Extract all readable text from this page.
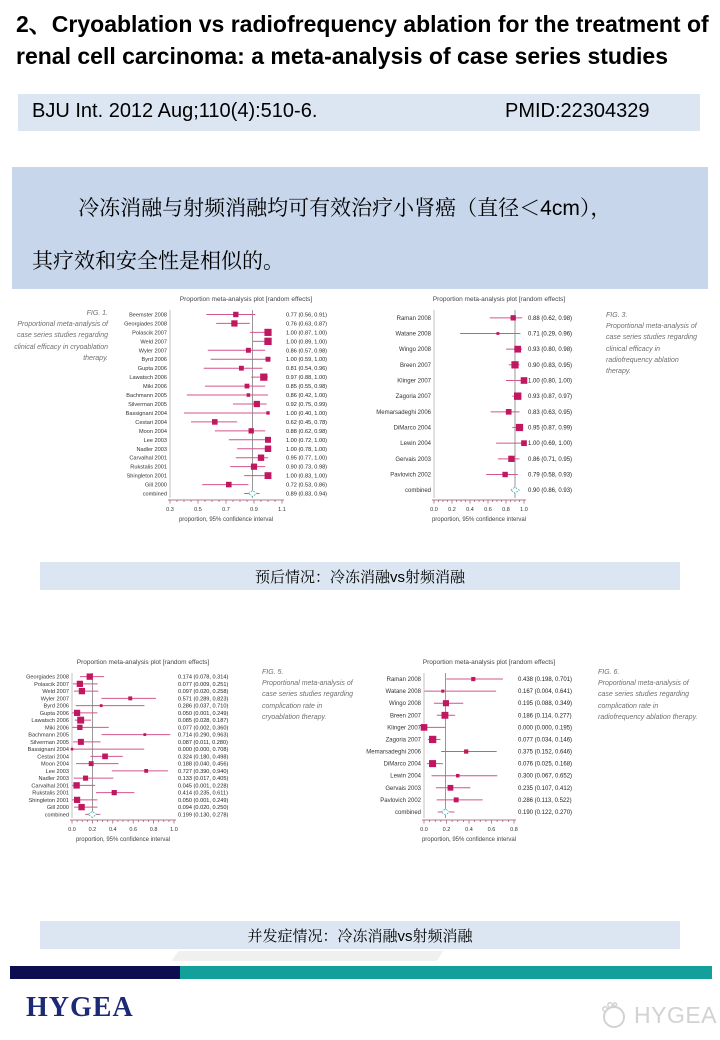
2、Cryoablation vs radiofrequency ablation for the treatment of renal cell carcinoma: a meta-analysis of case series studies
BJU Int. 2012 Aug;110(4):510-6.	PMID:22304329
冷冻消融与射频消融均可有效治疗小肾癌（直径＜4cm），
其疗效和安全性是相似的。
FIG. 1.
Proportional meta-analysis of case series studies regarding clinical efficacy in cryoablation therapy.
Proportion meta-analysis plot [random effects]
Beemster 2008	0.77 (0.56, 0.91)
Georgiades 2008	0.76 (0.63, 0.87)
Polascik 2007	1.00 (0.87, 1.00)
Weld 2007	1.00 (0.89, 1.00)
Wyler 2007	0.86 (0.57, 0.98)
Byrd 2006	1.00 (0.59, 1.00)
Gupta 2006	0.81 (0.54, 0.96)
Lawatsch 2006	0.97 (0.88, 1.00)
Miki 2006	0.85 (0.55, 0.98)
Bachmann 2005	0.86 (0.42, 1.00)
Silverman 2005	0.92 (0.75, 0.99)
Bassignani 2004	1.00 (0.40, 1.00)
Cestari 2004	0.62 (0.45, 0.78)
Moon 2004	0.88 (0.62, 0.98)
Lee 2003	1.00 (0.72, 1.00)
Nadler 2003	1.00 (0.78, 1.00)
Carvalhal 2001	0.95 (0.77, 1.00)
Rukstalis 2001	0.90 (0.73, 0.98)
Shingleton 2001	1.00 (0.83, 1.00)
Gill 2000	0.72 (0.53, 0.86)
combined	0.89 (0.83, 0.94)
0.3	0.5	0.7	0.9	1.1
proportion, 95% confidence interval
Proportion meta-analysis plot [random effects]
Raman 2008	0.88 (0.62, 0.98)
Watane 2008	0.71 (0.29, 0.96)
Wingo 2008	0.93 (0.80, 0.98)
Breen 2007	0.90 (0.83, 0.95)
Klinger 2007	1.00 (0.80, 1.00)
Zagoria 2007	0.93 (0.87, 0.97)
Memarsadeghi 2006	0.83 (0.63, 0.95)
DiMarco 2004	0.95 (0.87, 0.99)
Lewin 2004	1.00 (0.69, 1.00)
Gervais 2003	0.86 (0.71, 0.95)
Pavlovich 2002	0.79 (0.58, 0.93)
combined	0.90 (0.86, 0.93)
0.0 0.2 0.4 0.6 0.8 1.0
proportion, 95% confidence interval
FIG. 3.
Proportional meta-analysis of case series studies regarding clinical efficacy in radiofrequency ablation therapy.
预后情况：冷冻消融vs射频消融
Proportion meta-analysis plot [random effects]
Georgiades 2008	0.174 (0.078, 0.314)
Polascik 2007	0.077 (0.009, 0.251)
Weld 2007	0.097 (0.020, 0.258)
Wyler 2007	0.571 (0.289, 0.823)
Byrd 2006	0.286 (0.037, 0.710)
Gupta 2006	0.050 (0.001, 0.249)
Lawatsch 2006	0.085 (0.028, 0.187)
Miki 2006	0.077 (0.002, 0.360)
Bachmann 2005	0.714 (0.290, 0.963)
Silverman 2005	0.087 (0.011, 0.280)
Bassignani 2004	0.000 (0.000, 0.708)
Cestari 2004	0.324 (0.180, 0.498)
Moon 2004	0.188 (0.040, 0.456)
Lee 2003	0.727 (0.390, 0.940)
Nadler 2003	0.133 (0.017, 0.405)
Carvalhal 2001	0.045 (0.001, 0.228)
Rukstalis 2001	0.414 (0.235, 0.611)
Shingleton 2001	0.050 (0.001, 0.249)
Gill 2000	0.094 (0.020, 0.250)
combined	0.199 (0.130, 0.278)
0.0 0.2 0.4 0.6 0.8 1.0
proportion, 95% confidence interval
FIG. 5.
Proportional meta-analysis of case series studies regarding complication rate in cryoablation therapy.
Proportion meta-analysis plot [random effects]
Raman 2008	0.438 (0.198, 0.701)
Watane 2008	0.167 (0.004, 0.641)
Wingo 2008	0.195 (0.088, 0.349)
Breen 2007	0.186 (0.114, 0.277)
Klinger 2007	0.000 (0.000, 0.195)
Zagoria 2007	0.077 (0.034, 0.146)
Memarsadeghi 2006	0.375 (0.152, 0.646)
DiMarco 2004	0.076 (0.025, 0.168)
Lewin 2004	0.300 (0.067, 0.652)
Gervais 2003	0.235 (0.107, 0.412)
Pavlovich 2002	0.286 (0.113, 0.522)
combined	0.190 (0.122, 0.270)
0.0	0.2	0.4	0.6	0.8
proportion, 95% confidence interval
FIG. 6.
Proportional meta-analysis of case series studies regarding complication rate in radiofrequency ablation therapy.
并发症情况：冷冻消融vs射频消融
HYGEA	HYGEA
